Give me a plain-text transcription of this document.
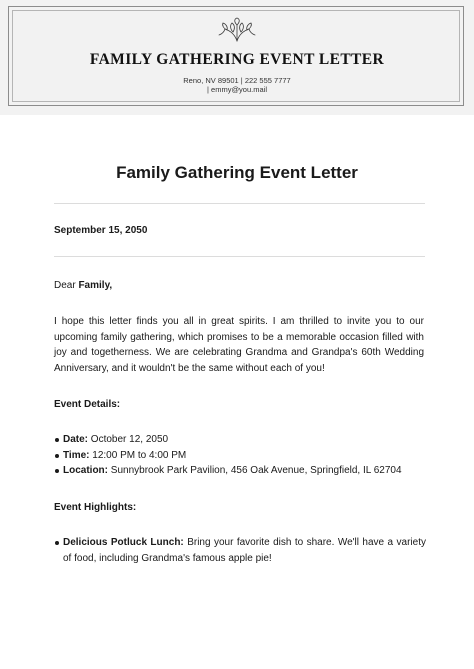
FAMILY GATHERING EVENT LETTER
Reno, NV 89501 | 222 555 7777
| emmy@you.mail
Family Gathering Event Letter
September 15, 2050
Dear Family,

I hope this letter finds you all in great spirits. I am thrilled to invite you to our upcoming family gathering, which promises to be a memorable occasion filled with joy and togetherness. We are celebrating Grandma and Grandpa's 60th Wedding Anniversary, and it wouldn't be the same without each of you!

Event Details:
Date: October 12, 2050
Time: 12:00 PM to 4:00 PM
Location: Sunnybrook Park Pavilion, 456 Oak Avenue, Springfield, IL 62704
Event Highlights:
Delicious Potluck Lunch: Bring your favorite dish to share. We'll have a variety of food, including Grandma's famous apple pie!
